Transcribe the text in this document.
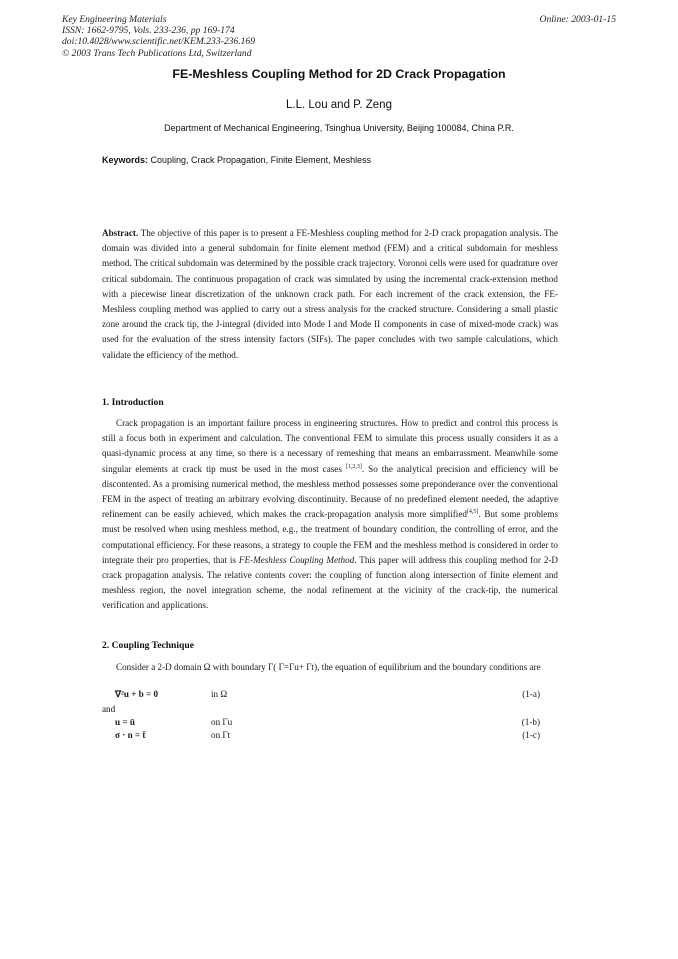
Key Engineering Materials
ISSN: 1662-9795, Vols. 233-236, pp 169-174
doi:10.4028/www.scientific.net/KEM.233-236.169
© 2003 Trans Tech Publications Ltd, Switzerland
Online: 2003-01-15
FE-Meshless Coupling Method for 2D Crack Propagation
L.L. Lou and P. Zeng
Department of Mechanical Engineering, Tsinghua University, Beijing 100084, China P.R.
Keywords: Coupling, Crack Propagation, Finite Element, Meshless
Abstract. The objective of this paper is to present a FE-Meshless coupling method for 2-D crack propagation analysis. The domain was divided into a general subdomain for finite element method (FEM) and a critical subdomain for meshless method. The critical subdomain was determined by the possible crack trajectory. Voronoi cells were used for quadrature over critical subdomain. The continuous propagation of crack was simulated by using the incremental crack-extension method with a piecewise linear discretization of the unknown crack path. For each increment of the crack extension, the FE-Meshless coupling method was applied to carry out a stress analysis for the cracked structure. Considering a small plastic zone around the crack tip, the J-integral (divided into Mode I and Mode II components in case of mixed-mode crack) was used for the evaluation of the stress intensity factors (SIFs). The paper concludes with two sample calculations, which validate the efficiency of the method.
1. Introduction
Crack propagation is an important failure process in engineering structures. How to predict and control this process is still a focus both in experiment and calculation. The conventional FEM to simulate this process usually considers it as a quasi-dynamic process at any time, so there is a necessary of remeshing that means an embarrassment. Meanwhile some singular elements at crack tip must be used in the most cases [1,2,3]. So the analytical precision and efficiency will be discontented. As a promising numerical method, the meshless method possesses some preponderance over the conventional FEM in the aspect of treating an arbitrary evolving discontinuity. Because of no predefined element needed, the adaptive refinement can be easily achieved, which makes the crack-propagation analysis more simplified[4,5]. But some problems must be resolved when using meshless method, e.g., the treatment of boundary condition, the controlling of error, and the computational efficiency. For these reasons, a strategy to couple the FEM and the meshless method is considered in order to integrate their pro properties, that is FE-Meshless Coupling Method. This paper will address this coupling method for 2-D crack propagation analysis. The relative contents cover: the coupling of function along intersection of finite element and meshless region, the novel integration scheme, the nodal refinement at the vicinity of the crack-tip, the numerical verification and applications.
2. Coupling Technique
Consider a 2-D domain Ω with boundary Γ( Γ=Γu+ Γt), the equation of equilibrium and the boundary conditions are
∇²u + b = 0	in Ω	(1-a)
and
u = ū	on Γu	(1-b)
σ · n = t̄	on Γt	(1-c)
